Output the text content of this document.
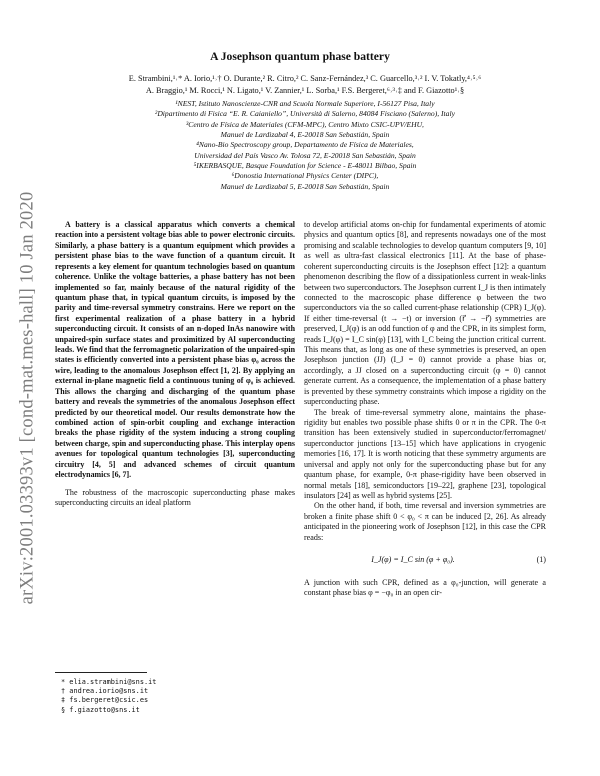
arXiv:2001.03393v1 [cond-mat.mes-hall] 10 Jan 2020
A Josephson quantum phase battery
E. Strambini,¹˒* A. Iorio,¹˒† O. Durante,² R. Citro,² C. Sanz-Fernández,³ C. Guarcello,³˒² I. V. Tokatly,⁴˒⁵˒⁶
A. Braggio,¹ M. Rocci,¹ N. Ligato,¹ V. Zannier,¹ L. Sorba,¹ F.S. Bergeret,⁶˒³˒‡ and F. Giazotto¹˒§
¹NEST, Istituto Nanoscienze-CNR and Scuola Normale Superiore, I-56127 Pisa, Italy
²Dipartimento di Fisica “E. R. Caianiello”, Università di Salerno, 84084 Fisciano (Salerno), Italy
³Centro de Física de Materiales (CFM-MPC), Centro Mixto CSIC-UPV/EHU,
Manuel de Lardizabal 4, E-20018 San Sebastián, Spain
⁴Nano-Bio Spectroscopy group, Departamento de Física de Materiales,
Universidad del País Vasco Av. Tolosa 72, E-20018 San Sebastián, Spain
⁵IKERBASQUE, Basque Foundation for Science - E-48011 Bilbao, Spain
⁶Donostia International Physics Center (DIPC),
Manuel de Lardizabal 5, E-20018 San Sebastián, Spain

A battery is a classical apparatus which converts a chemical reaction into a persistent voltage bias able to power electronic circuits. Similarly, a phase battery is a quantum equipment which provides a persistent phase bias to the wave function of a quantum circuit. It represents a key element for quantum technologies based on quantum coherence. Unlike the voltage batteries, a phase battery has not been implemented so far, mainly because of the natural rigidity of the quantum phase that, in typical quantum circuits, is imposed by the parity and time-reversal symmetry constrains. Here we report on the first experimental realization of a phase battery in a hybrid superconducting circuit. It consists of an n-doped InAs nanowire with unpaired-spin surface states and proximitized by Al superconducting leads. We find that the ferromagnetic polarization of the unpaired-spin states is efficiently converted into a persistent phase bias φ₀ across the wire, leading to the anomalous Josephson effect [1, 2]. By applying an external in-plane magnetic field a continuous tuning of φ₀ is achieved. This allows the charging and discharging of the quantum phase battery and reveals the symmetries of the anomalous Josephson effect predicted by our theoretical model. Our results demonstrate how the combined action of spin-orbit coupling and exchange interaction breaks the phase rigidity of the system inducing a strong coupling between charge, spin and superconducting phase. This interplay opens avenues for topological quantum technologies [3], superconducting circuitry [4, 5] and advanced schemes of circuit quantum electrodynamics [6, 7].

The robustness of the macroscopic superconducting phase makes superconducting circuits an ideal platform

to develop artificial atoms on-chip for fundamental experiments of atomic physics and quantum optics [8], and represents nowadays one of the most promising and scalable technologies to develop quantum computers [9, 10] as well as ultra-fast classical electronics [11]. At the base of phase-coherent superconducting circuits is the Josephson effect [12]: a quantum phenomenon describing the flow of a dissipationless current in weak-links between two superconductors. The Josephson current I_J is then intimately connected to the macroscopic phase difference φ between the two superconductors via the so called current-phase relationship (CPR) I_J(φ). If either time-reversal (t → −t) or inversion (r⃗ → −r⃗) symmetries are preserved, I_J(φ) is an odd function of φ and the CPR, in its simplest form, reads I_J(φ) = I_C sin(φ) [13], with I_C being the junction critical current. This means that, as long as one of these symmetries is preserved, an open Josephson junction (JJ) (I_J = 0) cannot provide a phase bias or, accordingly, a JJ closed on a superconducting circuit (φ = 0) cannot generate current. As a consequence, the implementation of a phase battery is prevented by these symmetry constraints which impose a rigidity on the superconducting phase.

The break of time-reversal symmetry alone, maintains the phase-rigidity but enables two possible phase shifts 0 or π in the CPR. The 0-π transition has been extensively studied in superconductor/ferromagnet/ superconductor junctions [13–15] which have applications in cryogenic memories [16, 17]. It is worth noticing that these symmetry arguments are universal and apply not only for the superconducting phase but for any quantum phase, for example, 0-π phase-rigidity have been observed in normal metals [18], semiconductors [19–22], graphene [23], topological insulators [24] as well as hybrid systems [25].

On the other hand, if both, time reversal and inversion symmetries are broken a finite phase shift 0 < φ₀ < π can be induced [2, 26]. As already anticipated in the pioneering work of Josephson [12], in this case the CPR reads:

I_J(φ) = I_C sin (φ + φ₀).	(1)

A junction with such CPR, defined as a φ₀-junction, will generate a constant phase bias φ = −φ₀ in an open cir-

* elia.strambini@sns.it
† andrea.iorio@sns.it
‡ fs.bergeret@csic.es
§ f.giazotto@sns.it
